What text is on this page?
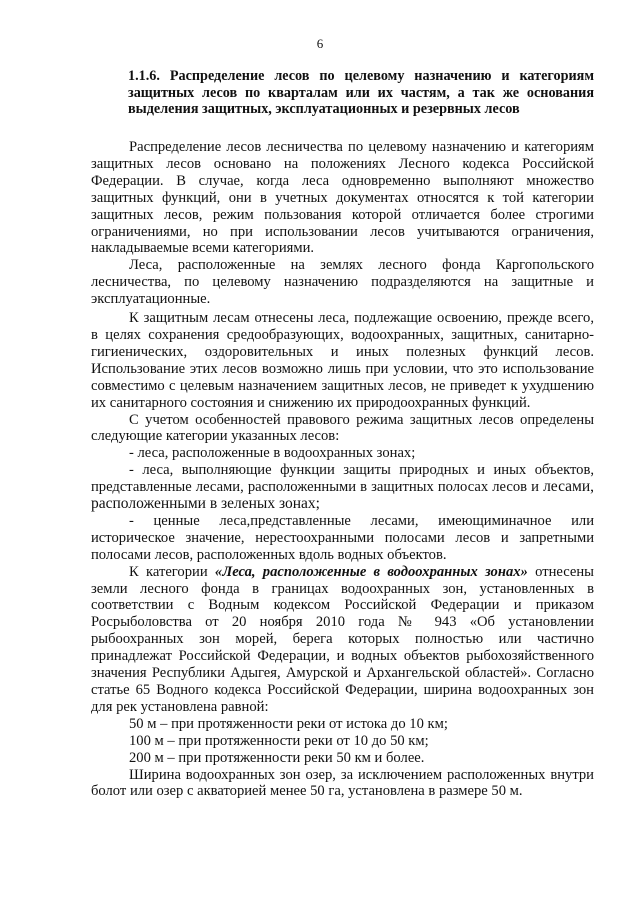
6
1.1.6. Распределение лесов по целевому назначению и категориям защитных лесов по кварталам или их частям, а так же основания выделения защитных, эксплуатационных и резервных лесов

Распределение лесов лесничества по целевому назначению и категориям защитных лесов основано на положениях Лесного кодекса Российской Федерации. В случае, когда леса одновременно выполняют множество защитных функций, они в учетных документах относятся к той категории защитных лесов, режим пользования которой отличается более строгими ограничениями, но при использовании лесов учитываются ограничения, накладываемые всеми категориями.

Леса, расположенные на землях лесного фонда Каргопольского лесничества, по целевому назначению подразделяются на защитные и эксплуатационные.

К защитным лесам отнесены леса, подлежащие освоению, прежде всего, в целях сохранения средообразующих, водоохранных, защитных, санитарно-гигиенических, оздоровительных и иных полезных функций лесов. Использование этих лесов возможно лишь при условии, что это использование совместимо с целевым назначением защитных лесов, не приведет к ухудшению их санитарного состояния и снижению их природоохранных функций.

С учетом особенностей правового режима защитных лесов определены следующие категории указанных лесов:

- леса, расположенные в водоохранных зонах;

- леса, выполняющие функции защиты природных и иных объектов, представленные лесами, расположенными в защитных полосах лесов и лесами, расположенными в зеленых зонах;

- ценные леса,представленные лесами, имеющиминачное или историческое значение, нерестоохранными полосами лесов и запретными полосами лесов, расположенных вдоль водных объектов.

К категории «Леса, расположенные в водоохранных зонах» отнесены земли лесного фонда в границах водоохранных зон, установленных в соответствии с Водным кодексом Российской Федерации и приказом Росрыболовства от 20 ноября 2010 года № 943 «Об установлении рыбоохранных зон морей, берега которых полностью или частично принадлежат Российской Федерации, и водных объектов рыбохозяйственного значения Республики Адыгея, Амурской и Архангельской областей». Согласно статье 65 Водного кодекса Российской Федерации, ширина водоохранных зон для рек установлена равной:

50 м – при протяженности реки от истока до 10 км;

100 м – при протяженности реки от 10 до 50 км;

200 м – при протяженности реки 50 км и более.

Ширина водоохранных зон озер, за исключением расположенных внутри болот или озер с акваторией менее 50 га, установлена в размере 50 м.
